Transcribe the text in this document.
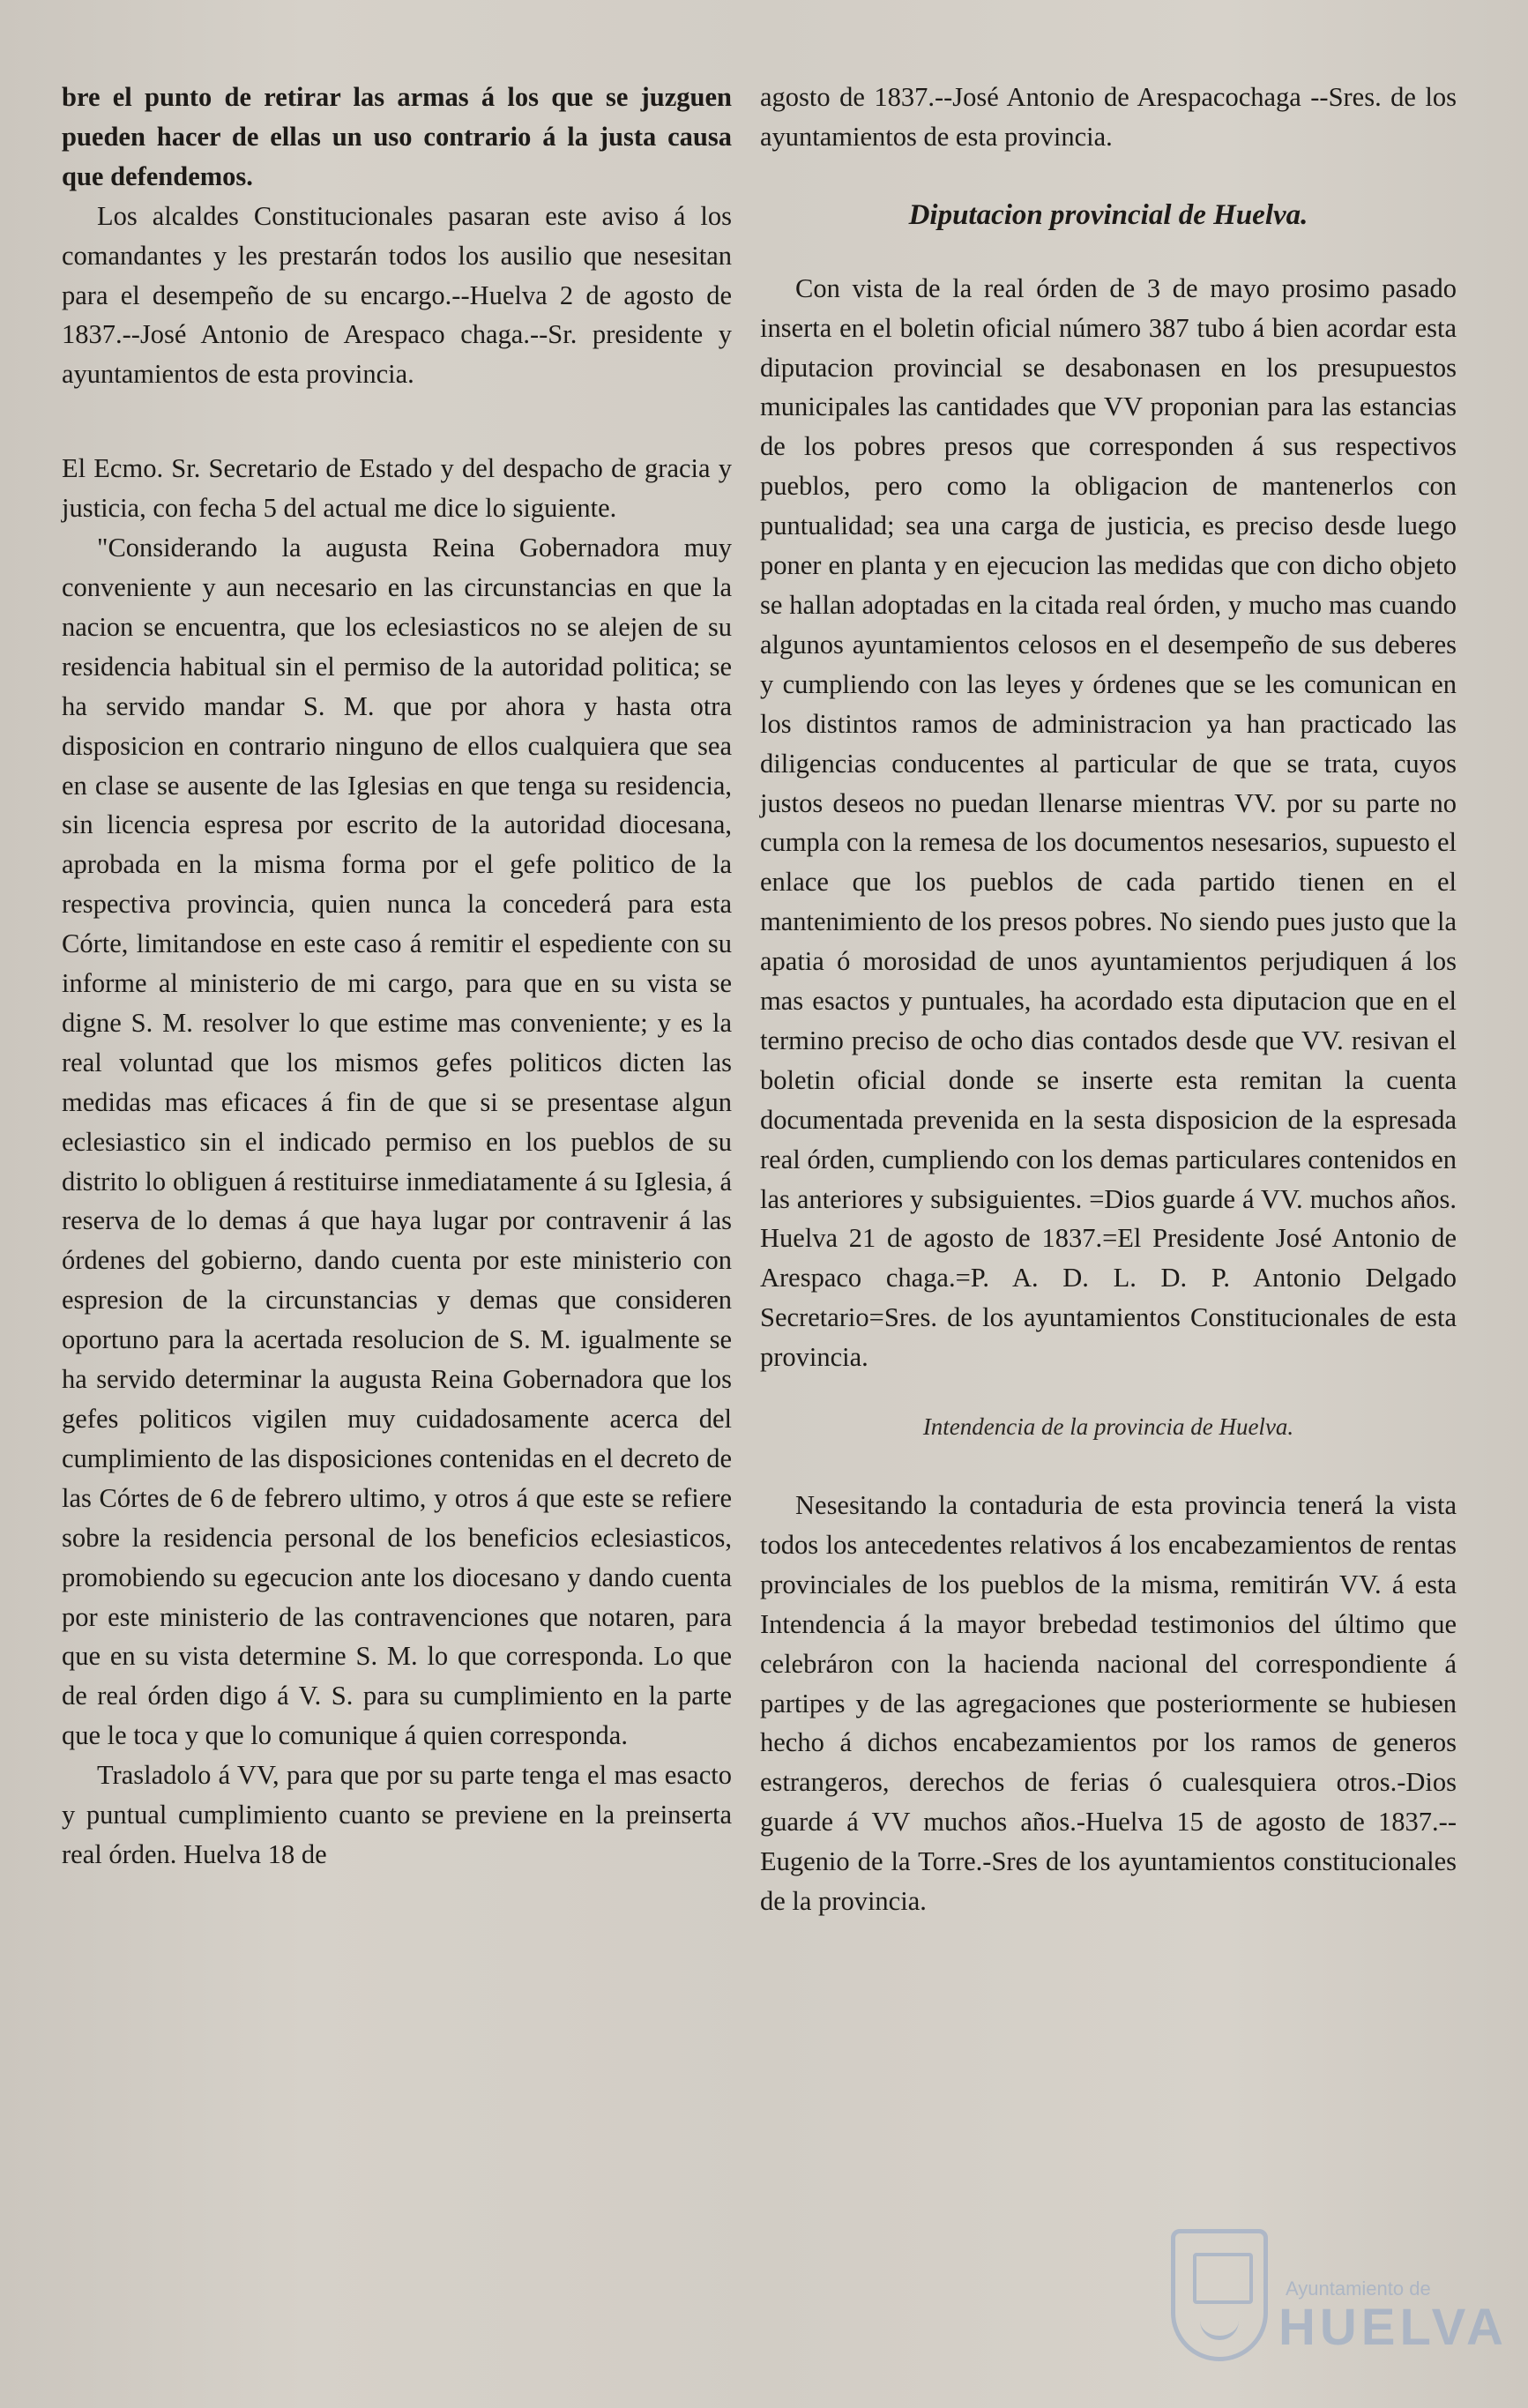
bre el punto de retirar las armas á los que se juzguen pueden hacer de ellas un uso contrario á la justa causa que defendemos.

Los alcaldes Constitucionales pasaran este aviso á los comandantes y les prestarán todos los ausilio que nesesitan para el desempeño de su encargo.--Huelva 2 de agosto de 1837.--José Antonio de Arespaco chaga.--Sr. presidente y ayuntamientos de esta provincia.

El Ecmo. Sr. Secretario de Estado y del despacho de gracia y justicia, con fecha 5 del actual me dice lo siguiente.

"Considerando la augusta Reina Gobernadora muy conveniente y aun necesario en las circunstancias en que la nacion se encuentra, que los eclesiasticos no se alejen de su residencia habitual sin el permiso de la autoridad politica; se ha servido mandar S. M. que por ahora y hasta otra disposicion en contrario ninguno de ellos cualquiera que sea en clase se ausente de las Iglesias en que tenga su residencia, sin licencia espresa por escrito de la autoridad diocesana, aprobada en la misma forma por el gefe politico de la respectiva provincia, quien nunca la concederá para esta Córte, limitandose en este caso á remitir el espediente con su informe al ministerio de mi cargo, para que en su vista se digne S. M. resolver lo que estime mas conveniente; y es la real voluntad que los mismos gefes politicos dicten las medidas mas eficaces á fin de que si se presentase algun eclesiastico sin el indicado permiso en los pueblos de su distrito lo obliguen á restituirse inmediatamente á su Iglesia, á reserva de lo demas á que haya lugar por contravenir á las órdenes del gobierno, dando cuenta por este ministerio con espresion de la circunstancias y demas que consideren oportuno para la acertada resolucion de S. M. igualmente se ha servido determinar la augusta Reina Gobernadora que los gefes politicos vigilen muy cuidadosamente acerca del cumplimiento de las disposiciones contenidas en el decreto de las Córtes de 6 de febrero ultimo, y otros á que este se refiere sobre la residencia personal de los beneficios eclesiasticos, promobiendo su egecucion ante los diocesano y dando cuenta por este ministerio de las contravenciones que notaren, para que en su vista determine S. M. lo que corresponda. Lo que de real órden digo á V. S. para su cumplimiento en la parte que le toca y que lo comunique á quien corresponda.

Trasladolo á VV, para que por su parte tenga el mas esacto y puntual cumplimiento cuanto se previene en la preinserta real órden. Huelva 18 de

agosto de 1837.--José Antonio de Arespacochaga --Sres. de los ayuntamientos de esta provincia.

Diputacion provincial de Huelva.

Con vista de la real órden de 3 de mayo prosimo pasado inserta en el boletin oficial número 387 tubo á bien acordar esta diputacion provincial se desabonasen en los presupuestos municipales las cantidades que VV proponian para las estancias de los pobres presos que corresponden á sus respectivos pueblos, pero como la obligacion de mantenerlos con puntualidad; sea una carga de justicia, es preciso desde luego poner en planta y en ejecucion las medidas que con dicho objeto se hallan adoptadas en la citada real órden, y mucho mas cuando algunos ayuntamientos celosos en el desempeño de sus deberes y cumpliendo con las leyes y órdenes que se les comunican en los distintos ramos de administracion ya han practicado las diligencias conducentes al particular de que se trata, cuyos justos deseos no puedan llenarse mientras VV. por su parte no cumpla con la remesa de los documentos nesesarios, supuesto el enlace que los pueblos de cada partido tienen en el mantenimiento de los presos pobres. No siendo pues justo que la apatia ó morosidad de unos ayuntamientos perjudiquen á los mas esactos y puntuales, ha acordado esta diputacion que en el termino preciso de ocho dias contados desde que VV. resivan el boletin oficial donde se inserte esta remitan la cuenta documentada prevenida en la sesta disposicion de la espresada real órden, cumpliendo con los demas particulares contenidos en las anteriores y subsiguientes. =Dios guarde á VV. muchos años. Huelva 21 de agosto de 1837.=El Presidente José Antonio de Arespaco chaga.=P. A. D. L. D. P. Antonio Delgado Secretario=Sres. de los ayuntamientos Constitucionales de esta provincia.

Intendencia de la provincia de Huelva.

Nesesitando la contaduria de esta provincia tenerá la vista todos los antecedentes relativos á los encabezamientos de rentas provinciales de los pueblos de la misma, remitirán VV. á esta Intendencia á la mayor brebedad testimonios del último que celebráron con la hacienda nacional del correspondiente á partipes y de las agregaciones que posteriormente se hubiesen hecho á dichos encabezamientos por los ramos de generos estrangeros, derechos de ferias ó cualesquiera otros.-Dios guarde á VV muchos años.-Huelva 15 de agosto de 1837.-- Eugenio de la Torre.-Sres de los ayuntamientos constitucionales de la provincia.

Ayuntamiento de
HUELVA
